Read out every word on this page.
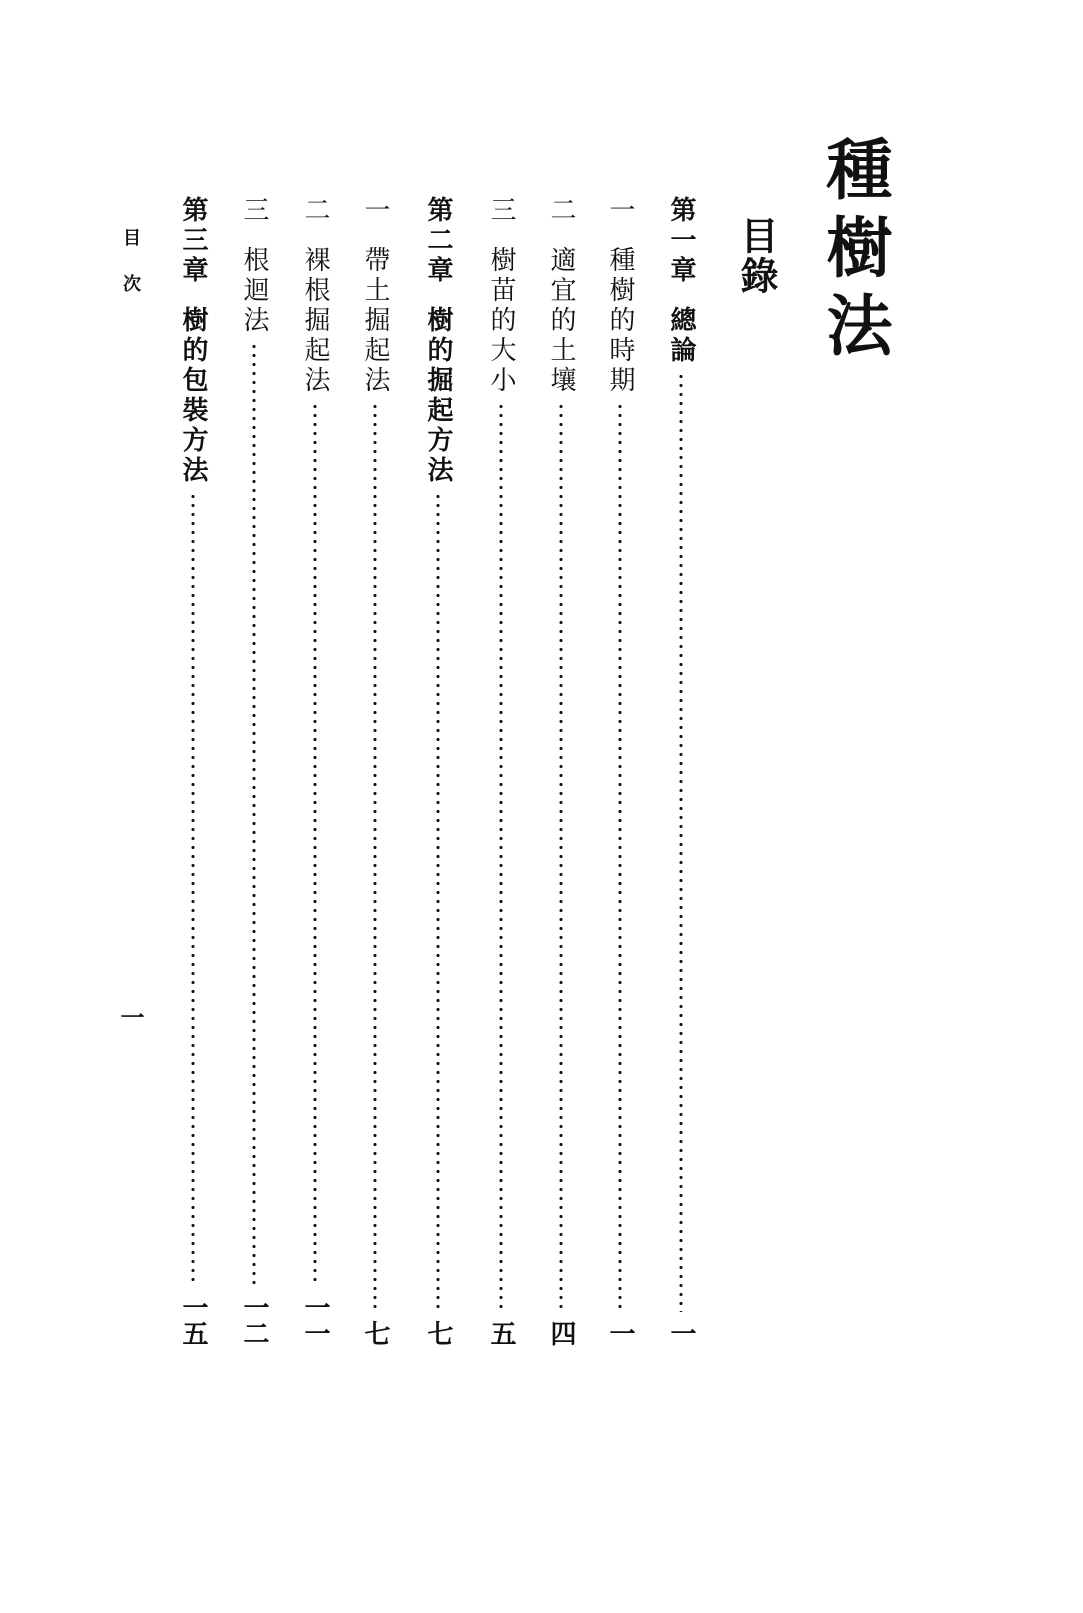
種樹法
目錄
第一章總論
一
一種樹的時期
一
二適宜的土壤
四
三樹苗的大小
五
第二章樹的掘起方法
七
一帶土掘起法
七
二裸根掘起法
一一
三根迴法
一二
第三章樹的包裝方法
一五
目次
一
